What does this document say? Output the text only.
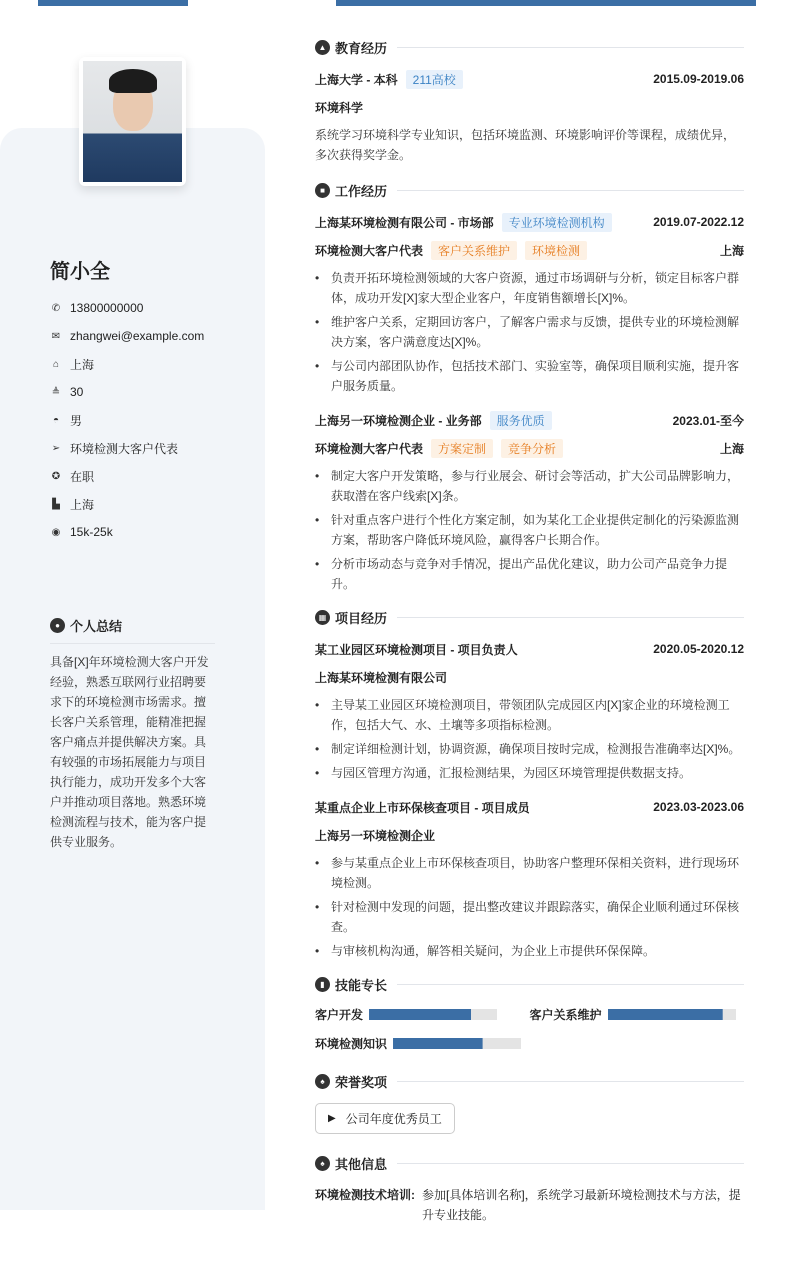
简小全
✆ 13800000000
✉ zhangwei@example.com
⌂ 上海
≜ 30
◓ 男
➢ 环境检测大客户代表
✪ 在职
▙ 上海
◉ 15k-25k
● 个人总结
具备[X]年环境检测大客户开发经验，熟悉互联网行业招聘要求下的环境检测市场需求。擅长客户关系管理，能精准把握客户痛点并提供解决方案。具有较强的市场拓展能力与项目执行能力，成功开发多个大客户并推动项目落地。熟悉环境检测流程与技术，能为客户提供专业服务。
▲ 教育经历
上海大学 - 本科	211高校	2015.09-2019.06
环境科学
系统学习环境科学专业知识，包括环境监测、环境影响评价等课程，成绩优异，多次获得奖学金。
■ 工作经历
上海某环境检测有限公司 - 市场部	专业环境检测机构	2019.07-2022.12
环境检测大客户代表	客户关系维护	环境检测	上海
• 负责开拓环境检测领域的大客户资源，通过市场调研与分析，锁定目标客户群体，成功开发[X]家大型企业客户，年度销售额增长[X]%。
• 维护客户关系，定期回访客户，了解客户需求与反馈，提供专业的环境检测解决方案，客户满意度达[X]%。
• 与公司内部团队协作，包括技术部门、实验室等，确保项目顺利实施，提升客户服务质量。
上海另一环境检测企业 - 业务部	服务优质	2023.01-至今
环境检测大客户代表	方案定制	竞争分析	上海
• 制定大客户开发策略，参与行业展会、研讨会等活动，扩大公司品牌影响力，获取潜在客户线索[X]条。
• 针对重点客户进行个性化方案定制，如为某化工企业提供定制化的污染源监测方案，帮助客户降低环境风险，赢得客户长期合作。
• 分析市场动态与竞争对手情况，提出产品优化建议，助力公司产品竞争力提升。
▦ 项目经历
某工业园区环境检测项目 - 项目负责人	2020.05-2020.12
上海某环境检测有限公司
• 主导某工业园区环境检测项目，带领团队完成园区内[X]家企业的环境检测工作，包括大气、水、土壤等多项指标检测。
• 制定详细检测计划，协调资源，确保项目按时完成，检测报告准确率达[X]%。
• 与园区管理方沟通，汇报检测结果，为园区环境管理提供数据支持。
某重点企业上市环保核查项目 - 项目成员	2023.03-2023.06
上海另一环境检测企业
• 参与某重点企业上市环保核查项目，协助客户整理环保相关资料，进行现场环境检测。
• 针对检测中发现的问题，提出整改建议并跟踪落实，确保企业顺利通过环保核查。
• 与审核机构沟通，解答相关疑问，为企业上市提供环保保障。
▮ 技能专长
客户开发	客户关系维护
环境检测知识
♠ 荣誉奖项
▶ 公司年度优秀员工
♠ 其他信息
环境检测技术培训: 参加[具体培训名称]，系统学习最新环境检测技术与方法，提升专业技能。
